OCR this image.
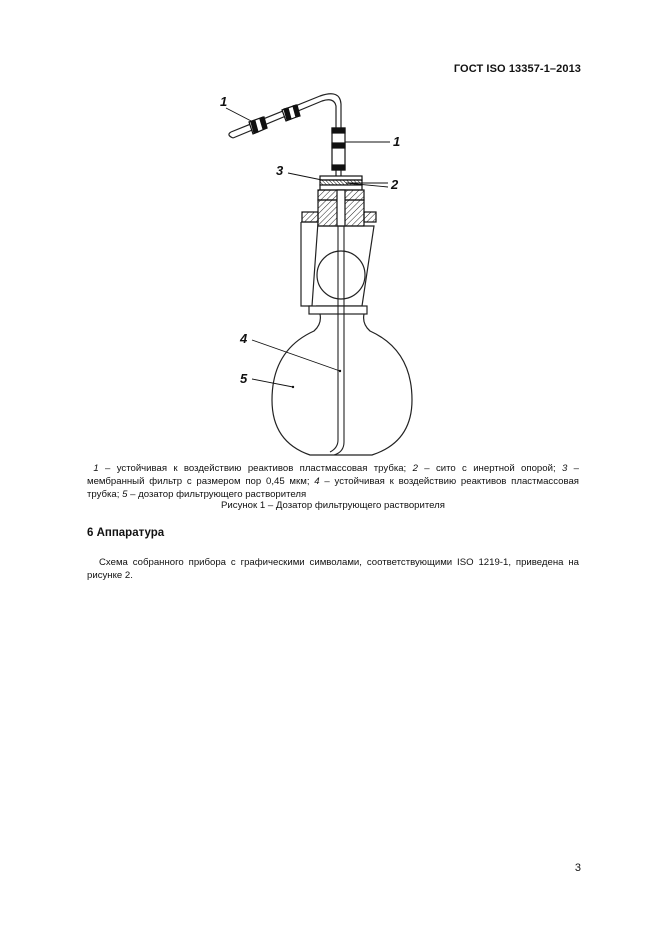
ГОСТ ISO 13357-1–2013
1
1
3
2
4
5
1 – устойчивая к воздействию реактивов пластмассовая трубка; 2 – сито с инертной опорой; 3 – мембранный фильтр с размером пор 0,45 мкм; 4 – устойчивая к воздействию реактивов пластмассовая трубка; 5 – дозатор фильтрующего растворителя
Рисунок 1 – Дозатор фильтрующего растворителя
6 Аппаратура
Схема собранного прибора с графическими символами, соответствующими ISO 1219-1, приведена на рисунке 2.
3
